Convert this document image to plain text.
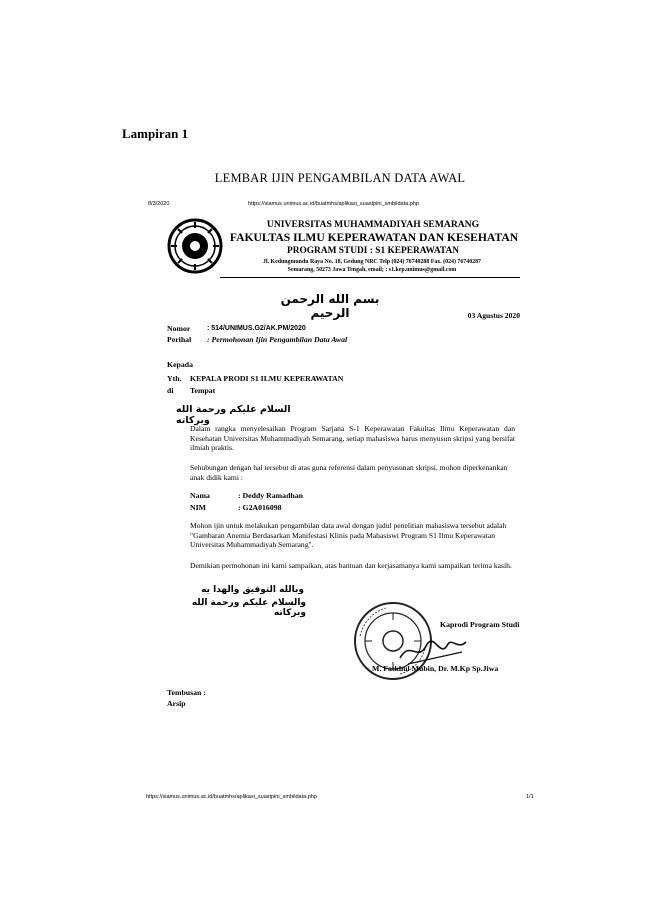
Lampiran 1
LEMBAR IJIN PENGAMBILAN DATA AWAL
8/3/2020	https://siamus.unimus.ac.id/buatmhs/aplikasi_suastpini_smbildata.php
UNIVERSITAS MUHAMMADIYAH SEMARANG
FAKULTAS ILMU KEPERAWATAN DAN KESEHATAN
PROGRAM STUDI : S1 KEPERAWATAN
Jl. Kedungmundu Raya No. 18, Gedung NRC Telp (024) 76740288 Fax. (024) 76740287
Semarang, 50273 Jawa Tengah, email; : s1.kep.unimus@gmail.com
بسم الله الرحمن الرحيم	03 Agustus 2020
Nomor : 514/UNIMUS.G2/AK.PM/2020
Perihal : Permohonan Ijin Pengambilan Data Awal
Kepada
Yth. KEPALA PRODI S1 ILMU KEPERAWATAN
di Tempat
السلام عليكم ورحمة الله وبركاته
Dalam rangka menyelesaikan Program Sarjana S-1 Keperawatan Fakultas Ilmu Keperawatan dan Kesehatan Universitas Muhammadiyah Semarang, setiap mahasiswa harus menyusun skripsi yang bersifat ilmiah praktis.
Sehubungan dengan hal tersebut di atas guna referensi dalam penyusunan skripsi, mohon diperkenankan anak didik kami :
Nama	: Deddy Ramadhan
NIM	: G2A016098
Mohon ijin untuk melakukan pengambilan data awal dengan judul penelitian mahasiswa tersebut adalah "Gambaran Anemia Berdasarkan Manifestasi Klinis pada Mahasiswi Program S1 Ilmu Keperawatan Universitas Muhammadiyah Semarang".
Demikian permohonan ini kami sampaikan, atas bantuan dan kerjasamanya kami sampaikan terima kasih.
وبالله التوفيق والهدا يه
والسلام عليكم ورحمة الله وبركاته
Kaprodi Program Studi
M. Fatkhul Mubin, Dr. M.Kp Sp.Jiwa
Tembusan :
Arsip
https://siamus.unimus.ac.id/buatmhs/aplikasi_suastpini_smbildata.php	1/1
